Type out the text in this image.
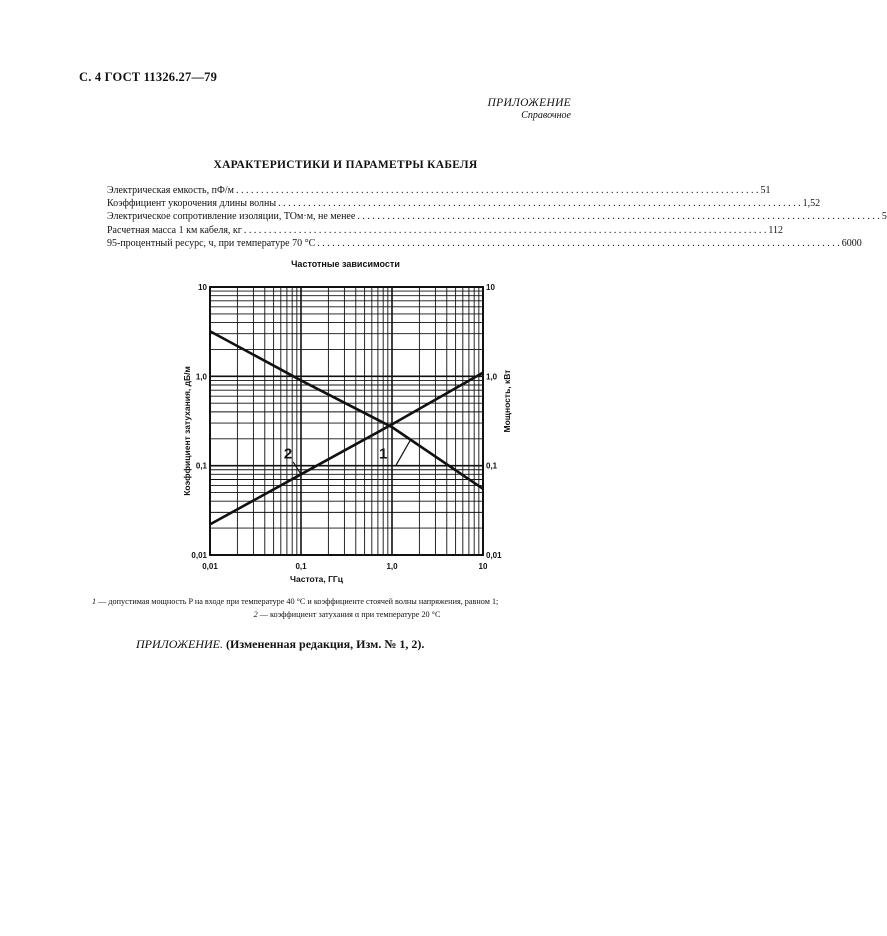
С. 4 ГОСТ 11326.27—79
ПРИЛОЖЕНИЕ
Справочное
ХАРАКТЕРИСТИКИ И ПАРАМЕТРЫ КАБЕЛЯ
Электрическая емкость, пФ/м . . .	51
Коэффициент укорочения длины волны . . .	1,52
Электрическое сопротивление изоляции, ТОм·м, не менее . . .	5
Расчетная масса 1 км кабеля, кг . . .	112
95-процентный ресурс, ч, при температуре 70 °С . . .	6000
Частотные зависимости
2	1
0,01
0,01	0,01
0,1
0,1	0,1
1,0
1,0	1,0
10
10	10
Частота, ГГц
Коэффициент затухания, дБ/м	Мощность, кВт
1 — допустимая мощность P на входе при температуре 40 °С и коэффициенте стоячей волны напряжения, равном 1;
2 — коэффициент затухания α при температуре 20 °С
ПРИЛОЖЕНИЕ. (Измененная редакция, Изм. № 1, 2).
